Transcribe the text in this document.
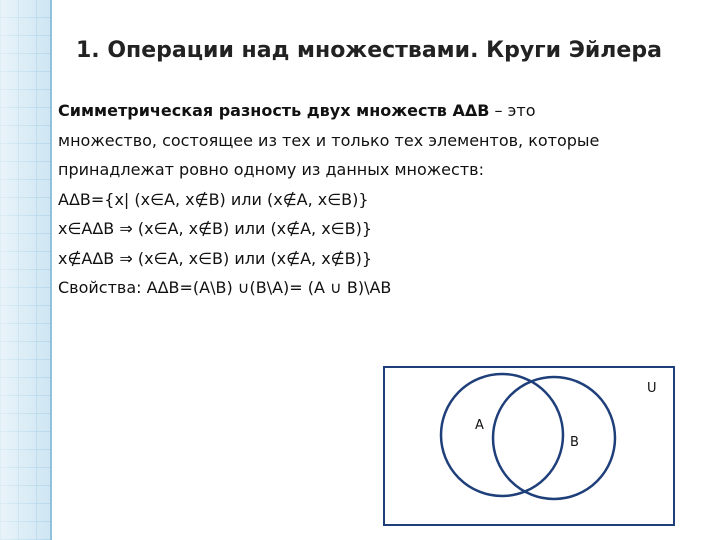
1. Операции над множествами. Круги Эйлера
Симметрическая разность двух множеств АΔВ – это
множество, состоящее из тех и только тех элементов, которые
принадлежат ровно одному из данных множеств:
АΔВ={x| (x∈А, x∉В) или (x∉А, x∈В)}
x∈АΔВ ⇒ (x∈А, x∉В) или (x∉А, x∈В)}
x∉АΔВ ⇒ (x∈А, x∈В) или (x∉А, x∉В)}
Свойства: АΔВ=(А\В) ∪(В\А)= (А ∪ В)\АВ
U
A
B
